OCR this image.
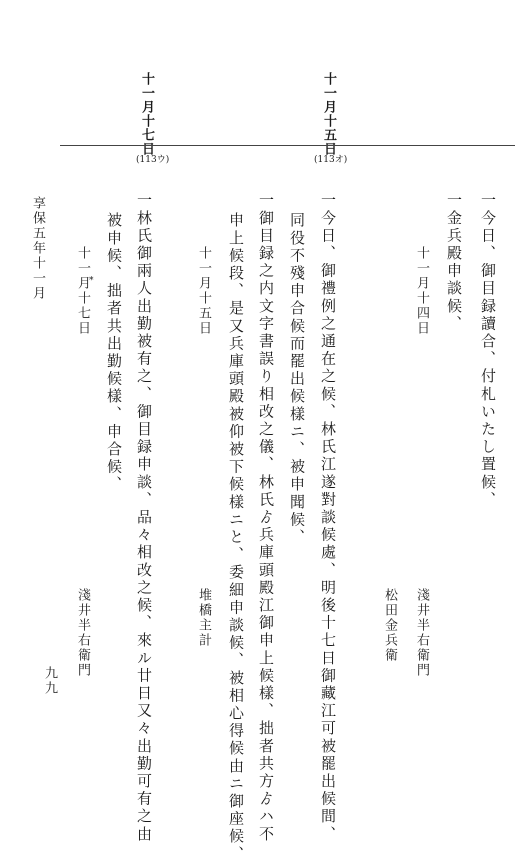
十一月十七日	十一月十五日
(113ウ)	(113オ)
享保五年十一月
九九
一今日、御目録讀合、付札いたし置候、
一金兵殿申談候、
十一月十四日
淺井半右衛門
松田金兵衛
一今日、御禮例之通在之候、林氏江遂對談候處、明後十七日御藏江可被罷出候間、
同役不殘申合候而罷出候樣ニ、被申聞候、
一御目録之内文字書誤り相改之儀、林氏ゟ兵庫頭殿江御申上候樣、拙者共方ゟハ不
申上候段、是又兵庫頭殿被仰被下候樣ニと、委細申談候、被相心得候由ニ御座候、
十一月十五日
堆橋主計
一林氏御兩人出勤被有之、御目録申談、品々相改之候、來ル廿日又々出勤可有之由
被申候、拙者共出勤候樣、申合候、
十一月十七日 *
淺井半右衛門
